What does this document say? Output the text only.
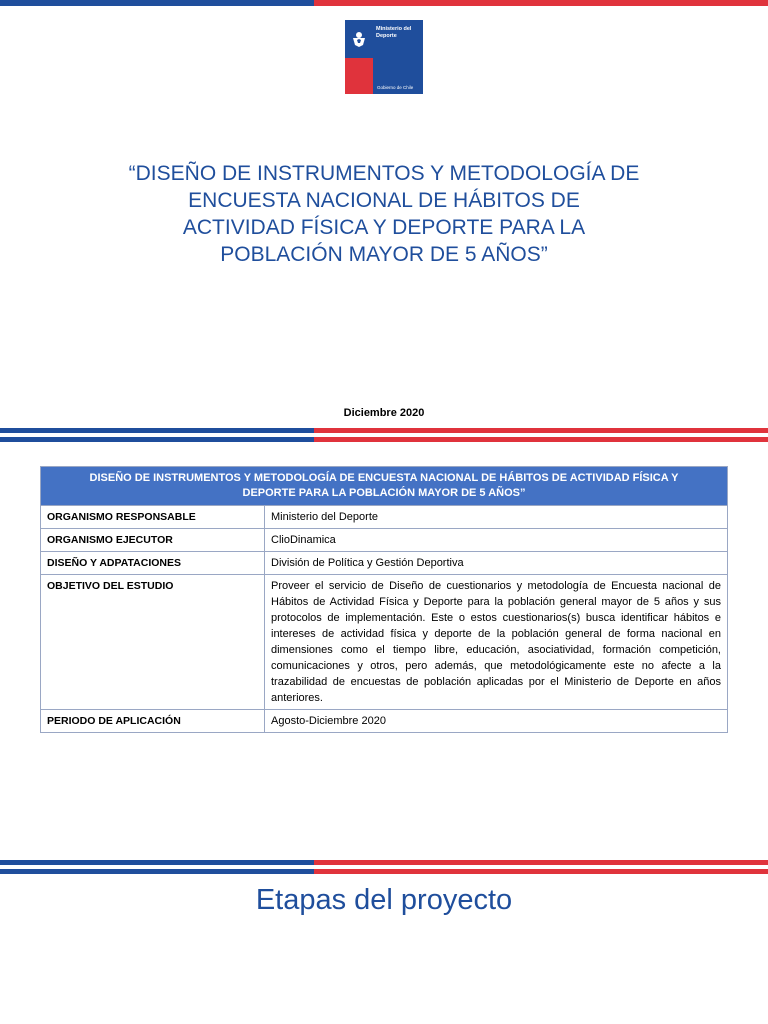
Ministerio del Deporte
Gobierno de Chile
“DISEÑO DE INSTRUMENTOS Y METODOLOGÍA DE
ENCUESTA NACIONAL DE HÁBITOS DE
ACTIVIDAD FÍSICA Y DEPORTE PARA LA
POBLACIÓN MAYOR DE 5 AÑOS”
Diciembre 2020
DISEÑO DE INSTRUMENTOS Y METODOLOGÍA DE ENCUESTA NACIONAL DE HÁBITOS DE ACTIVIDAD FÍSICA Y
DEPORTE PARA LA POBLACIÓN MAYOR DE 5 AÑOS”	

ORGANISMO RESPONSABLE	Ministerio del Deporte
ORGANISMO EJECUTOR	ClioDinamica
DISEÑO Y ADPATACIONES	División de Política y Gestión Deportiva
OBJETIVO DEL ESTUDIO	Proveer el servicio de Diseño de cuestionarios y metodología de Encuesta nacional de Hábitos de Actividad Física y Deporte para la población general mayor de 5 años y sus protocolos de implementación. Este o estos cuestionarios(s) busca identificar hábitos e intereses de actividad física y deporte de la población general de forma nacional en dimensiones como el tiempo libre, educación, asociatividad, formación competición, comunicaciones y otros, pero además, que metodológicamente este no afecte a la trazabilidad de encuestas de población aplicadas por el Ministerio de Deporte en años anteriores.
PERIODO DE APLICACIÓN	Agosto-Diciembre 2020
Etapas del proyecto
